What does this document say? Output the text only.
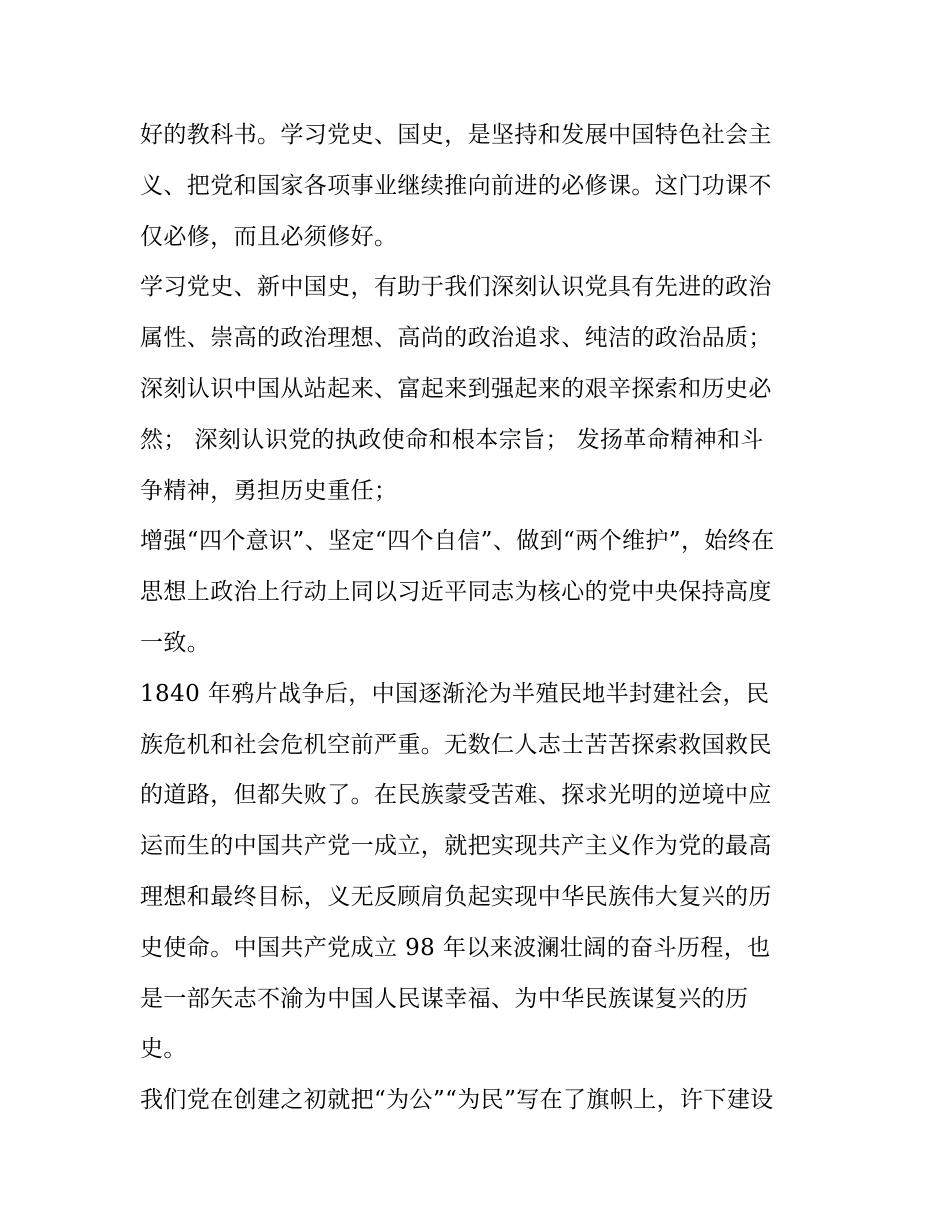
好的教科书。学习党史、国史，是坚持和发展中国特色社会主
义、把党和国家各项事业继续推向前进的必修课。这门功课不
仅必修，而且必须修好。
学习党史、新中国史，有助于我们深刻认识党具有先进的政治
属性、崇高的政治理想、高尚的政治追求、纯洁的政治品质；
深刻认识中国从站起来、富起来到强起来的艰辛探索和历史必
然； 深刻认识党的执政使命和根本宗旨； 发扬革命精神和斗
争精神，勇担历史重任；
增强“四个意识”、坚定“四个自信”、做到“两个维护”，始终在
思想上政治上行动上同以习近平同志为核心的党中央保持高度
一致。
1840 年鸦片战争后，中国逐渐沦为半殖民地半封建社会，民
族危机和社会危机空前严重。无数仁人志士苦苦探索救国救民
的道路，但都失败了。在民族蒙受苦难、探求光明的逆境中应
运而生的中国共产党一成立，就把实现共产主义作为党的最高
理想和最终目标，义无反顾肩负起实现中华民族伟大复兴的历
史使命。中国共产党成立 98 年以来波澜壮阔的奋斗历程，也
是一部矢志不渝为中国人民谋幸福、为中华民族谋复兴的历
史。
我们党在创建之初就把“为公”“为民”写在了旗帜上，许下建设
